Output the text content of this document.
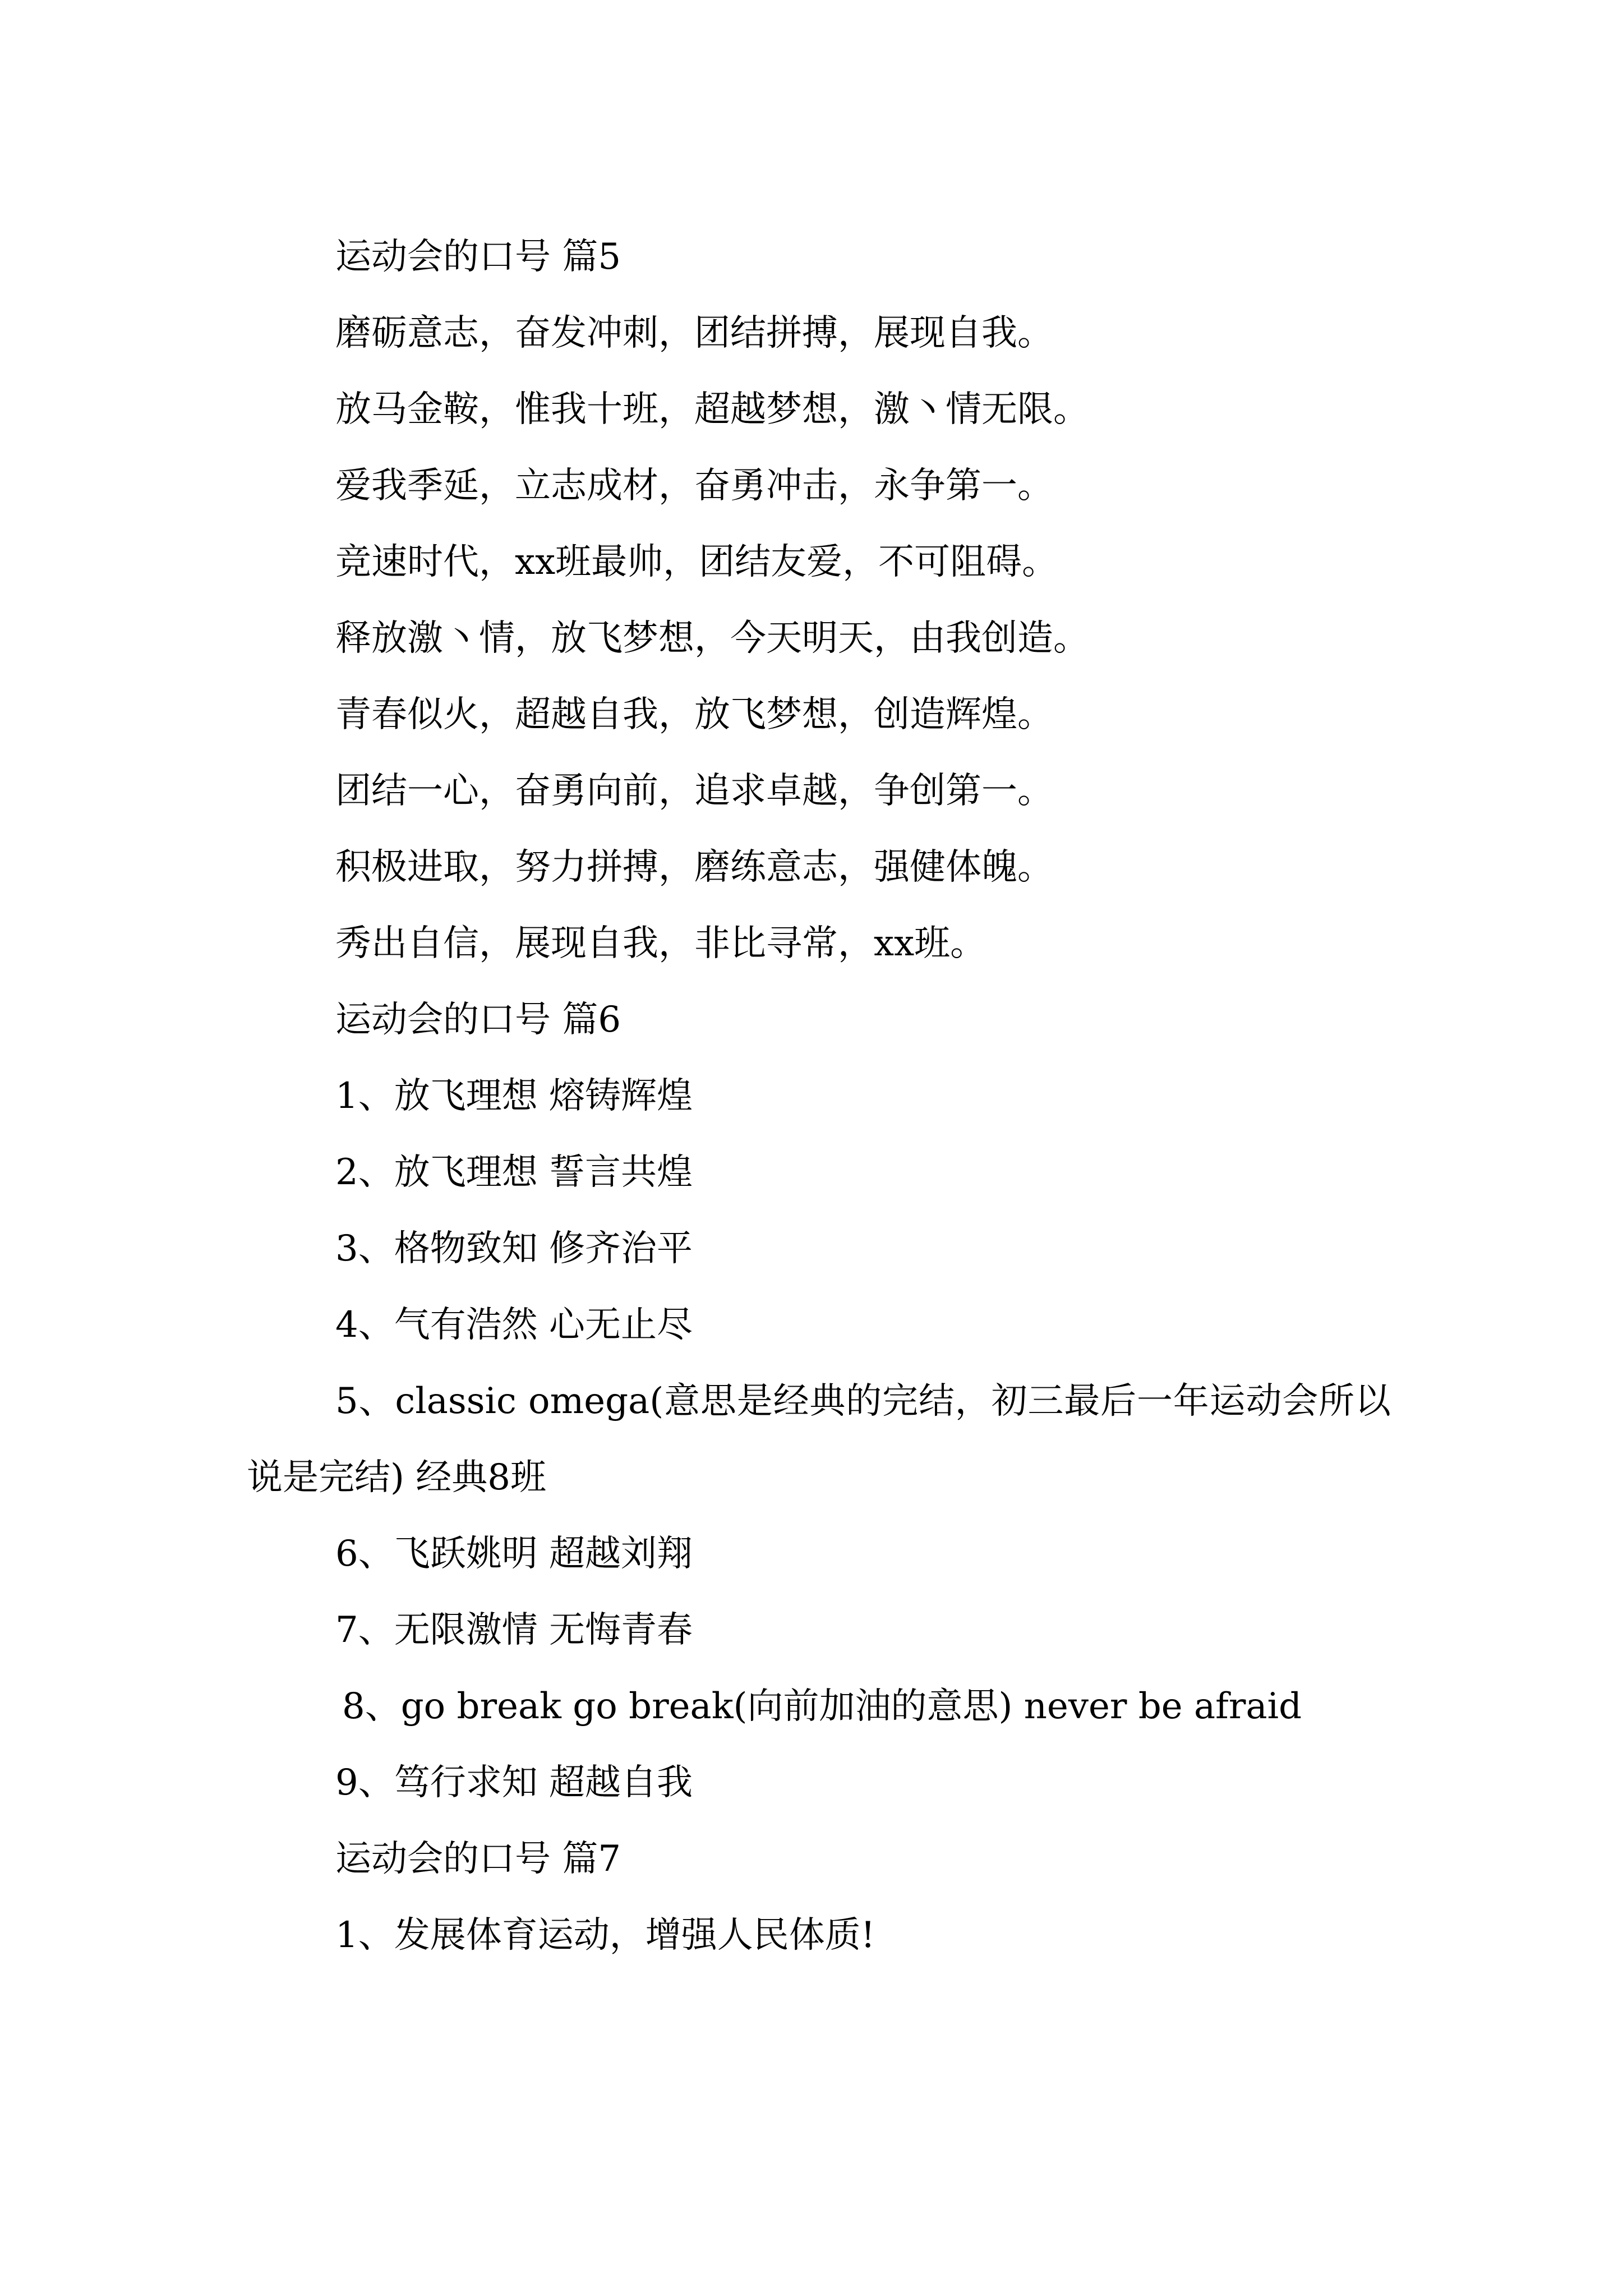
运动会的口号 篇5

磨砺意志，奋发冲刺，团结拼搏，展现自我。

放马金鞍，惟我十班，超越梦想，激丶情无限。

爱我季延，立志成材，奋勇冲击，永争第一。

竞速时代，xx班最帅，团结友爱，不可阻碍。

释放激丶情，放飞梦想，今天明天，由我创造。

青春似火，超越自我，放飞梦想，创造辉煌。

团结一心，奋勇向前，追求卓越，争创第一。

积极进取，努力拼搏，磨练意志，强健体魄。

秀出自信，展现自我，非比寻常，xx班。

运动会的口号 篇6

1、放飞理想 熔铸辉煌

2、放飞理想 誓言共煌

3、格物致知 修齐治平

4、气有浩然 心无止尽

5、classic omega(意思是经典的完结，初三最后一年运动会所以说是完结) 经典8班

6、飞跃姚明 超越刘翔

7、无限激情 无悔青春

8、go break go break(向前加油的意思) never be afraid

9、笃行求知 超越自我

运动会的口号 篇7

1、发展体育运动，增强人民体质!
